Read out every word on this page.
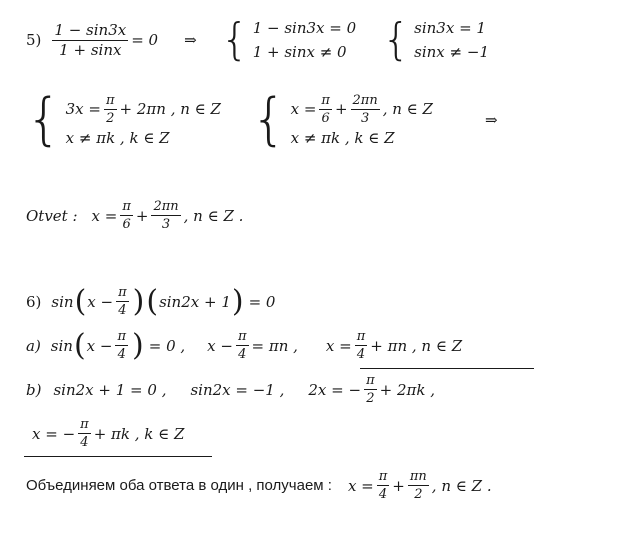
$5) \frac{1 - \sin 3x}{1 + \sin x} = 0$ ⇒ { 1 − sin3x = 0
1 + sinx ≠ 0 { sin3x = 1
sinx ≠ −1
{ $3x = \frac{\pi}{2} + 2\pi n$ , n ∈ Z
x ≠ πk , k ∈ Z	{ $x = \frac{\pi}{6} + \frac{2\pi n}{3}$ , n ∈ Z
x ≠ πk , k ∈ Z
⇒
Otvet : $x = \frac{\pi}{6} + \frac{2\pi n}{3}$ , n ∈ Z .
6) sin ( $x - \frac{\pi}{4}$ ) ( sin2x + 1 ) = 0
a) sin ( $x - \frac{\pi}{4}$ ) = 0 , $x - \frac{\pi}{4} = \pi n$ , $x = \frac{\pi}{4} + \pi n$ , n ∈ Z
b) sin2x + 1 = 0 , sin2x = −1 , 2x = − $\frac{\pi}{2} + 2\pi k$ ,
x = − $\frac{\pi}{4} + \pi k$ , k ∈ Z
Объединяем оба ответа в один , получаем : $x = \frac{\pi}{4} + \frac{\pi n}{2}$ , n ∈ Z .
